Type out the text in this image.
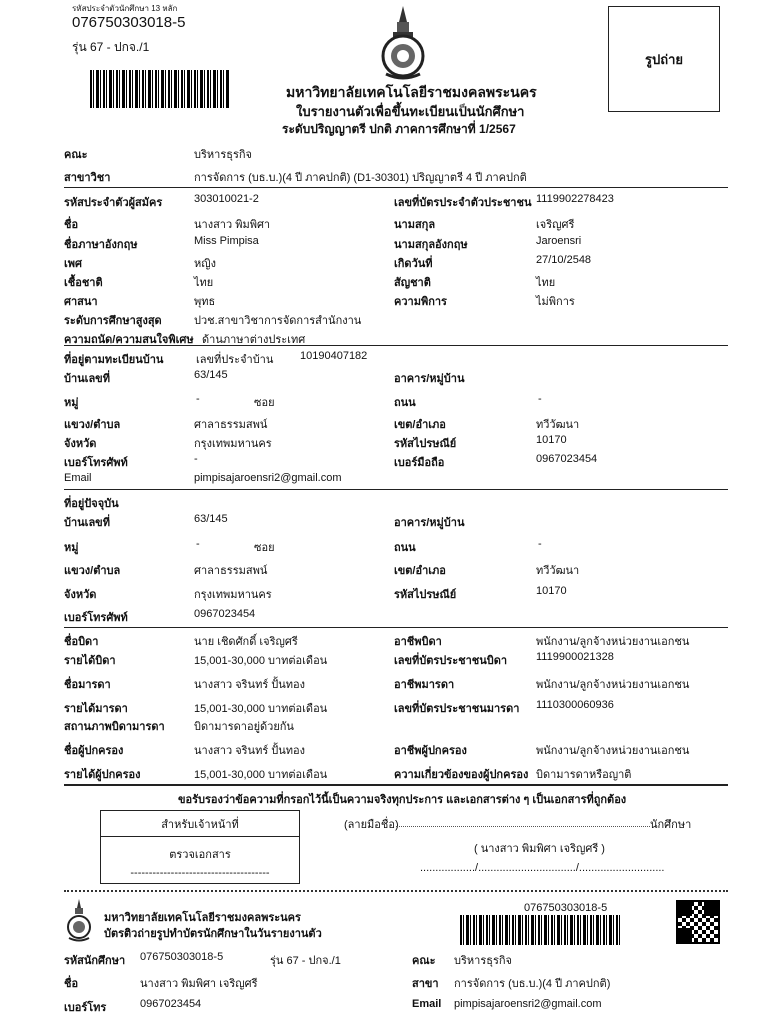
รหัสประจำตัวนักศึกษา 13 หลัก
076750303018-5
รุ่น 67 - ปกจ./1
มหาวิทยาลัยเทคโนโลยีราชมงคลพระนคร
ใบรายงานตัวเพื่อขึ้นทะเบียนเป็นนักศึกษา
ระดับปริญญาตรี ปกติ ภาคการศึกษาที่ 1/2567
รูปถ่าย
คณะ	บริหารธุรกิจ
สาขาวิชา	การจัดการ (บธ.บ.)(4 ปี ภาคปกติ) (D1-30301) ปริญญาตรี 4 ปี ภาคปกติ
รหัสประจำตัวผู้สมัคร	303010021-2	เลขที่บัตรประจำตัวประชาชน 1119902278423
ชื่อ	นางสาว พิมพิศา	นามสกุล	เจริญศรี
ชื่อภาษาอังกฤษ	Miss Pimpisa	นามสกุลอังกฤษ	Jaroensri
เพศ	หญิง	เกิดวันที่	27/10/2548
เชื้อชาติ	ไทย	สัญชาติ	ไทย
ศาสนา	พุทธ	ความพิการ	ไม่พิการ
ระดับการศึกษาสูงสุด	ปวช.สาขาวิชาการจัดการสำนักงาน
ความถนัด/ความสนใจพิเศษ ด้านภาษาต่างประเทศ
ที่อยู่ตามทะเบียนบ้าน	เลขที่ประจำบ้าน 10190407182
บ้านเลขที่	63/145	อาคาร/หมู่บ้าน
หมู่	-	ซอย	ถนน	-
แขวง/ตำบล	ศาลาธรรมสพน์	เขต/อำเภอ	ทวีวัฒนา
จังหวัด	กรุงเทพมหานคร	รหัสไปรษณีย์	10170
เบอร์โทรศัพท์	-	เบอร์มือถือ	0967023454
Email	pimpisajaroensri2@gmail.com
ที่อยู่ปัจจุบัน
บ้านเลขที่	63/145	อาคาร/หมู่บ้าน
หมู่	-	ซอย	ถนน	-
แขวง/ตำบล	ศาลาธรรมสพน์	เขต/อำเภอ	ทวีวัฒนา
จังหวัด	กรุงเทพมหานคร	รหัสไปรษณีย์	10170
เบอร์โทรศัพท์	0967023454
ชื่อบิดา	นาย เชิดศักดิ์ เจริญศรี	อาชีพบิดา	พนักงาน/ลูกจ้างหน่วยงานเอกชน
รายได้บิดา	15,001-30,000 บาทต่อเดือน	เลขที่บัตรประชาชนบิดา	1119900021328
ชื่อมารดา	นางสาว จรินทร์ ปั้นทอง	อาชีพมารดา	พนักงาน/ลูกจ้างหน่วยงานเอกชน
รายได้มารดา	15,001-30,000 บาทต่อเดือน	เลขที่บัตรประชาชนมารดา 1110300060936
สถานภาพบิดามารดา	บิดามารดาอยู่ด้วยกัน
ชื่อผู้ปกครอง	นางสาว จรินทร์ ปั้นทอง	อาชีพผู้ปกครอง	พนักงาน/ลูกจ้างหน่วยงานเอกชน
รายได้ผู้ปกครอง	15,001-30,000 บาทต่อเดือน	ความเกี่ยวข้องของผู้ปกครอง บิดามารดาหรือญาติ
ขอรับรองว่าข้อความที่กรอกไว้นี้เป็นความจริงทุกประการ และเอกสารต่าง ๆ เป็นเอกสารที่ถูกต้อง
สำหรับเจ้าหน้าที่
ตรวจเอกสาร
--------------------------------------
(ลายมือชื่อ)	นักศึกษา
( นางสาว พิมพิศา เจริญศรี )
................../................................/............................
มหาวิทยาลัยเทคโนโลยีราชมงคลพระนคร
บัตรติวถ่ายรูปทำบัตรนักศึกษาในวันรายงานตัว
076750303018-5
รหัสนักศึกษา 076750303018-5	รุ่น 67 - ปกจ./1	คณะ บริหารธุรกิจ
ชื่อ	นางสาว พิมพิศา เจริญศรี	สาขา การจัดการ (บธ.บ.)(4 ปี ภาคปกติ)
เบอร์โทร	0967023454	Email pimpisajaroensri2@gmail.com
